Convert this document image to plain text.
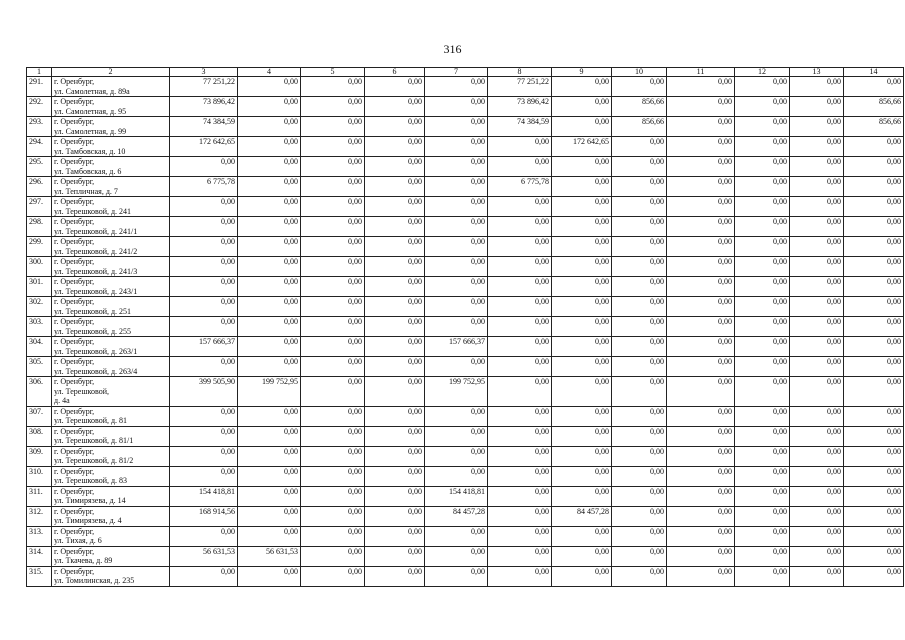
316
1	2	3	4	5	6	7	8	9	10	11	12	13	14
291.	г. Оренбург,
ул. Самолетная, д. 89а	77 251,22	0,00	0,00	0,00	0,00	77 251,22	0,00	0,00	0,00	0,00	0,00	0,00
292.	г. Оренбург,
ул. Самолетная, д. 95	73 896,42	0,00	0,00	0,00	0,00	73 896,42	0,00	856,66	0,00	0,00	0,00	856,66
293.	г. Оренбург,
ул. Самолетная, д. 99	74 384,59	0,00	0,00	0,00	0,00	74 384,59	0,00	856,66	0,00	0,00	0,00	856,66
294.	г. Оренбург,
ул. Тамбовская, д. 10	172 642,65	0,00	0,00	0,00	0,00	0,00	172 642,65	0,00	0,00	0,00	0,00	0,00
295.	г. Оренбург,
ул. Тамбовская, д. 6	0,00	0,00	0,00	0,00	0,00	0,00	0,00	0,00	0,00	0,00	0,00	0,00
296.	г. Оренбург,
ул. Тепличная, д. 7	6 775,78	0,00	0,00	0,00	0,00	6 775,78	0,00	0,00	0,00	0,00	0,00	0,00
297.	г. Оренбург,
ул. Терешковой, д. 241	0,00	0,00	0,00	0,00	0,00	0,00	0,00	0,00	0,00	0,00	0,00	0,00
298.	г. Оренбург,
ул. Терешковой, д. 241/1	0,00	0,00	0,00	0,00	0,00	0,00	0,00	0,00	0,00	0,00	0,00	0,00
299.	г. Оренбург,
ул. Терешковой, д. 241/2	0,00	0,00	0,00	0,00	0,00	0,00	0,00	0,00	0,00	0,00	0,00	0,00
300.	г. Оренбург,
ул. Терешковой, д. 241/3	0,00	0,00	0,00	0,00	0,00	0,00	0,00	0,00	0,00	0,00	0,00	0,00
301.	г. Оренбург,
ул. Терешковой, д. 243/1	0,00	0,00	0,00	0,00	0,00	0,00	0,00	0,00	0,00	0,00	0,00	0,00
302.	г. Оренбург,
ул. Терешковой, д. 251	0,00	0,00	0,00	0,00	0,00	0,00	0,00	0,00	0,00	0,00	0,00	0,00
303.	г. Оренбург,
ул. Терешковой, д. 255	0,00	0,00	0,00	0,00	0,00	0,00	0,00	0,00	0,00	0,00	0,00	0,00
304.	г. Оренбург,
ул. Терешковой, д. 263/1	157 666,37	0,00	0,00	0,00	157 666,37	0,00	0,00	0,00	0,00	0,00	0,00	0,00
305.	г. Оренбург,
ул. Терешковой, д. 263/4	0,00	0,00	0,00	0,00	0,00	0,00	0,00	0,00	0,00	0,00	0,00	0,00
306.	г. Оренбург,
ул. Терешковой,
д. 4а	399 505,90	199 752,95	0,00	0,00	199 752,95	0,00	0,00	0,00	0,00	0,00	0,00	0,00
307.	г. Оренбург,
ул. Терешковой, д. 81	0,00	0,00	0,00	0,00	0,00	0,00	0,00	0,00	0,00	0,00	0,00	0,00
308.	г. Оренбург,
ул. Терешковой, д. 81/1	0,00	0,00	0,00	0,00	0,00	0,00	0,00	0,00	0,00	0,00	0,00	0,00
309.	г. Оренбург,
ул. Терешковой, д. 81/2	0,00	0,00	0,00	0,00	0,00	0,00	0,00	0,00	0,00	0,00	0,00	0,00
310.	г. Оренбург,
ул. Терешковой, д. 83	0,00	0,00	0,00	0,00	0,00	0,00	0,00	0,00	0,00	0,00	0,00	0,00
311.	г. Оренбург,
ул. Тимирязева, д. 14	154 418,81	0,00	0,00	0,00	154 418,81	0,00	0,00	0,00	0,00	0,00	0,00	0,00
312.	г. Оренбург,
ул. Тимирязева, д. 4	168 914,56	0,00	0,00	0,00	84 457,28	0,00	84 457,28	0,00	0,00	0,00	0,00	0,00
313.	г. Оренбург,
ул. Тихая, д. 6	0,00	0,00	0,00	0,00	0,00	0,00	0,00	0,00	0,00	0,00	0,00	0,00
314.	г. Оренбург,
ул. Ткачева, д. 89	56 631,53	56 631,53	0,00	0,00	0,00	0,00	0,00	0,00	0,00	0,00	0,00	0,00
315.	г. Оренбург,
ул. Томилинская, д. 235	0,00	0,00	0,00	0,00	0,00	0,00	0,00	0,00	0,00	0,00	0,00	0,00
